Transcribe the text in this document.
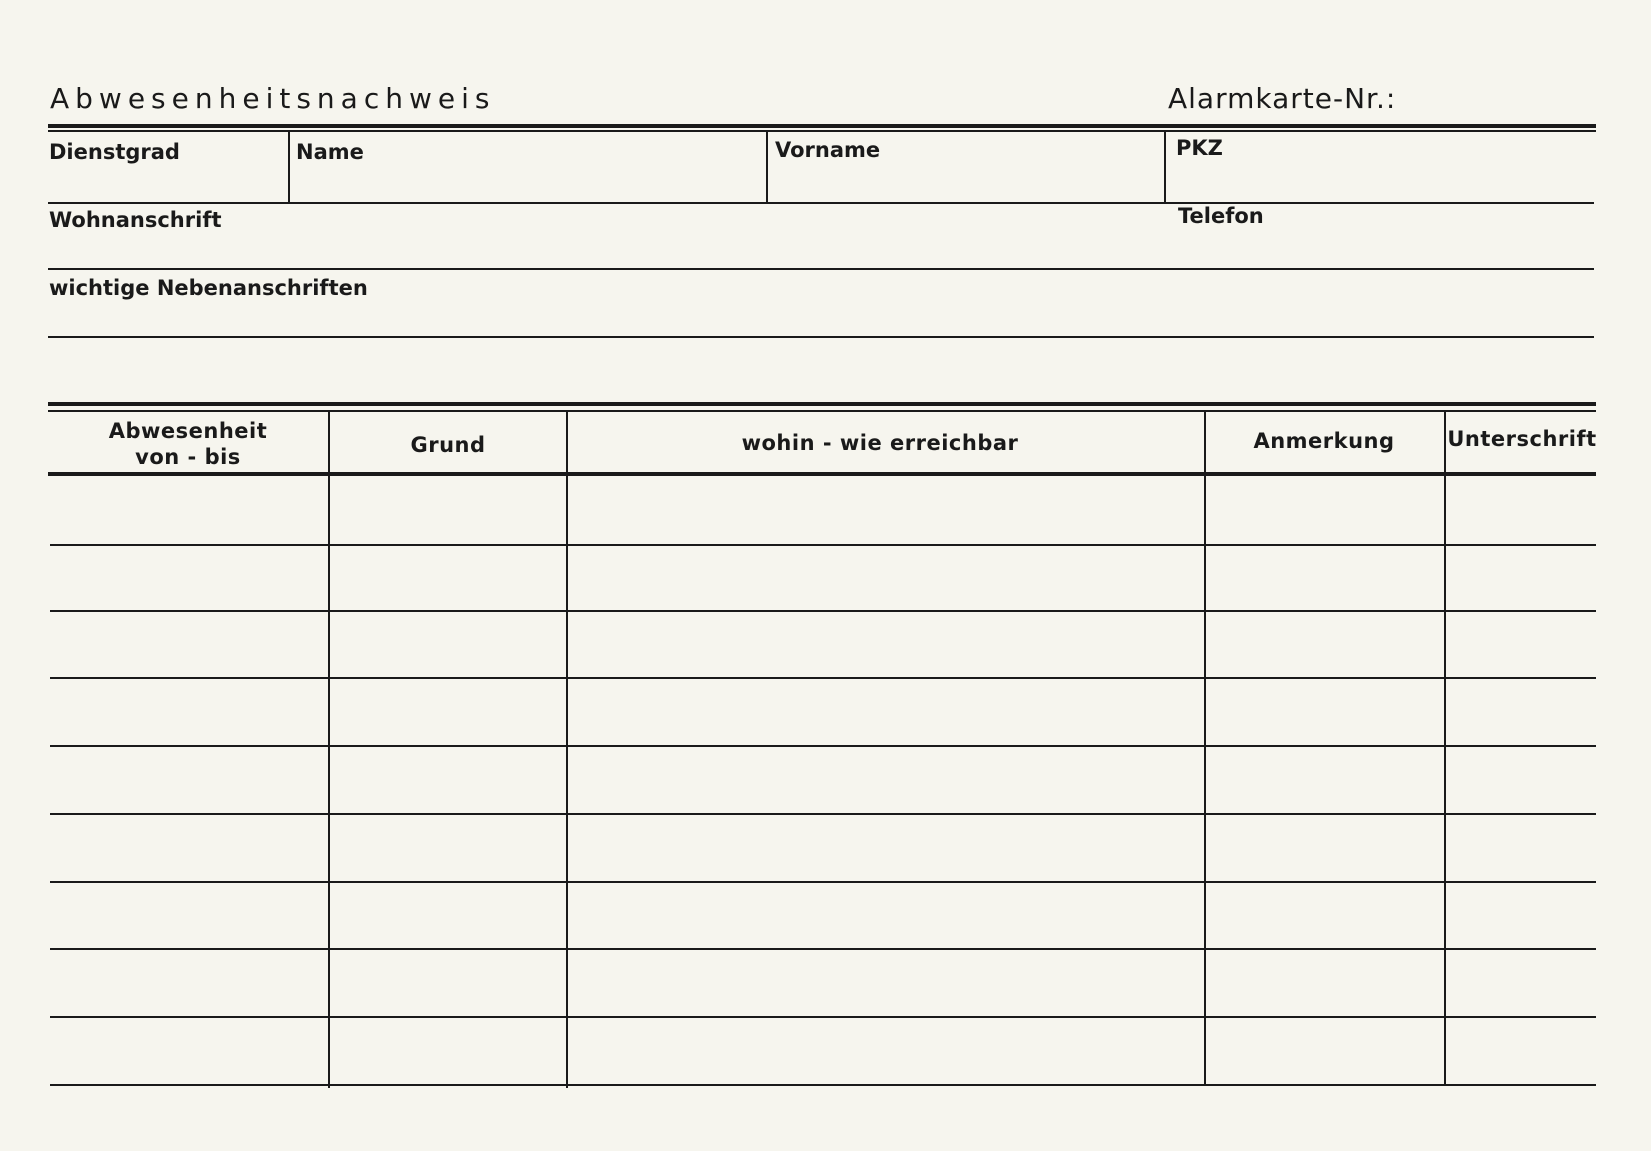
Abwesenheitsnachweis	Alarmkarte-Nr.:
Dienstgrad	Name	Vorname	PKZ
Wohnanschrift	Telefon
wichtige Nebenanschriften
Abwesenheit
von - bis	Grund	wohin - wie erreichbar	Anmerkung	Unterschrift
